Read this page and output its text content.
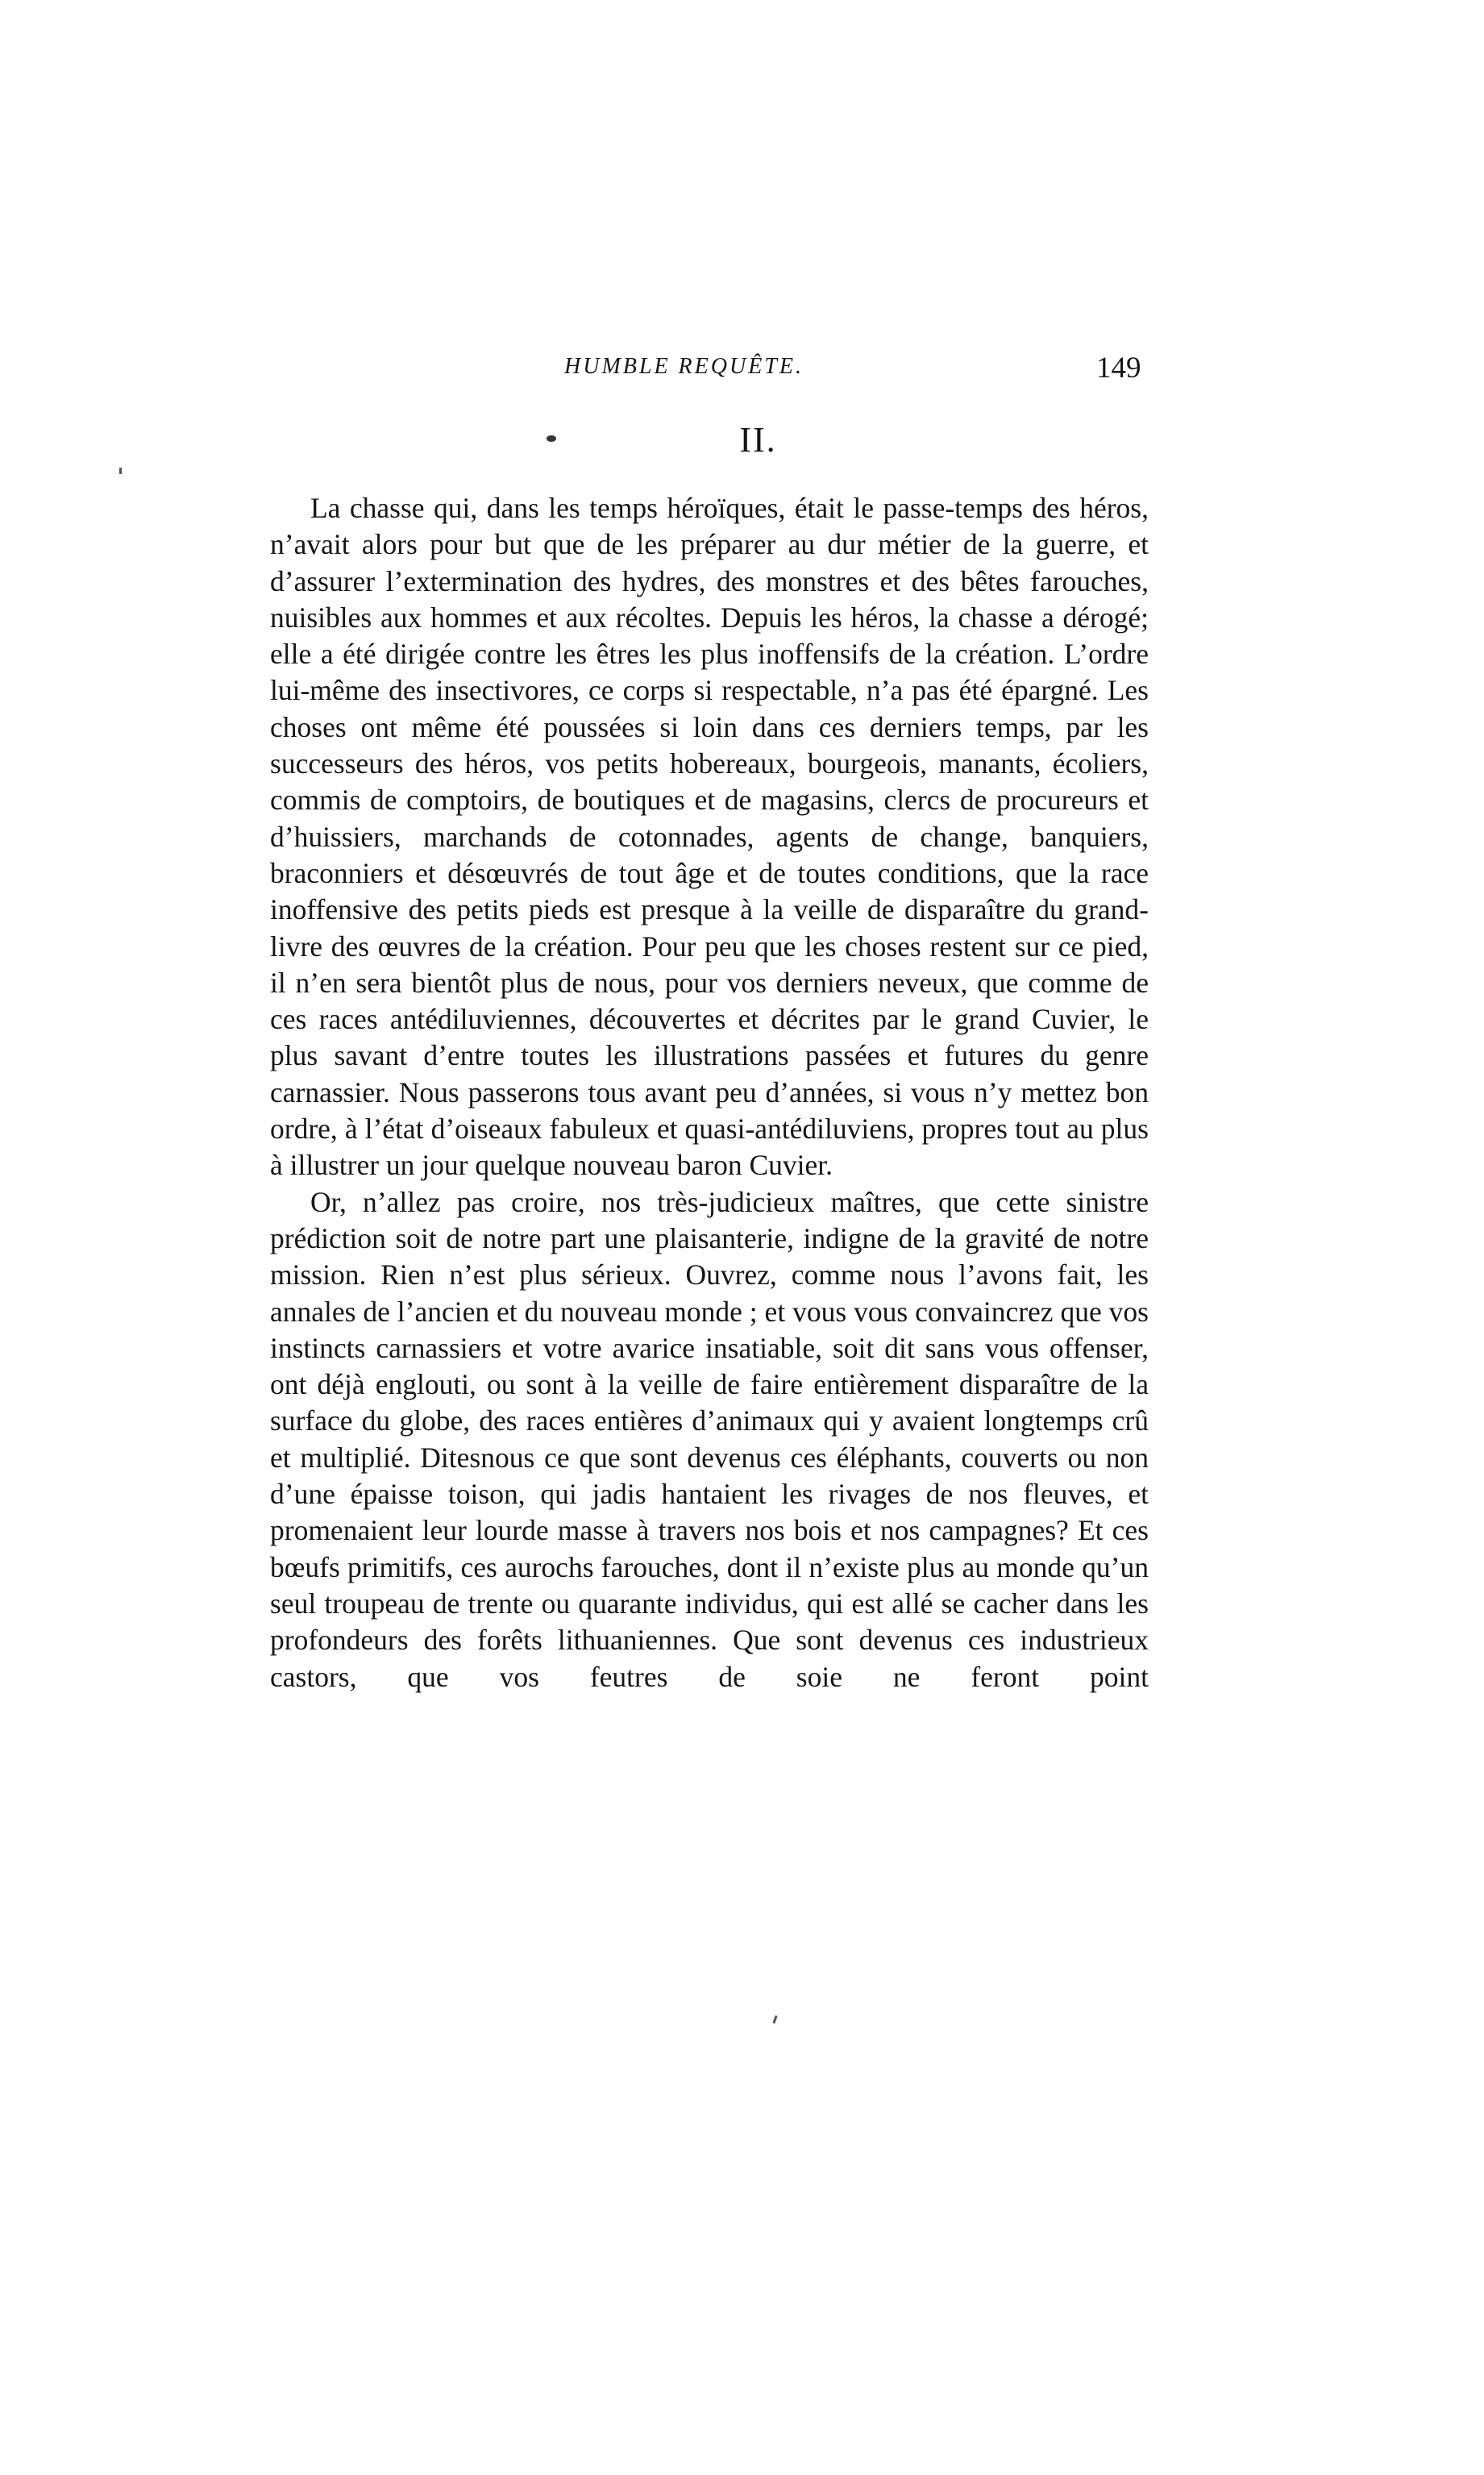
HUMBLE REQUÊTE.	149
II.

La chasse qui, dans les temps héroïques, était le passe-temps des héros, n’avait alors pour but que de les préparer au dur métier de la guerre, et d’assurer l’extermination des hydres, des monstres et des bêtes farouches, nuisibles aux hommes et aux récoltes. Depuis les héros, la chasse a dérogé; elle a été dirigée contre les êtres les plus inoffensifs de la création. L’ordre lui-même des insectivores, ce corps si respectable, n’a pas été épargné. Les choses ont même été poussées si loin dans ces derniers temps, par les successeurs des héros, vos petits hobereaux, bourgeois, manants, écoliers, commis de comptoirs, de boutiques et de magasins, clercs de procureurs et d’huissiers, marchands de cotonnades, agents de change, banquiers, braconniers et désœuvrés de tout âge et de toutes conditions, que la race inoffensive des petits pieds est presque à la veille de disparaître du grand-livre des œuvres de la création. Pour peu que les choses restent sur ce pied, il n’en sera bientôt plus de nous, pour vos derniers neveux, que comme de ces races antédiluviennes, découvertes et décrites par le grand Cuvier, le plus savant d’entre toutes les illustrations passées et futures du genre carnassier. Nous passerons tous avant peu d’années, si vous n’y mettez bon ordre, à l’état d’oiseaux fabuleux et quasi-antédiluviens, propres tout au plus à illustrer un jour quelque nouveau baron Cuvier.

Or, n’allez pas croire, nos très-judicieux maîtres, que cette sinistre prédiction soit de notre part une plaisanterie, indigne de la gravité de notre mission. Rien n’est plus sérieux. Ouvrez, comme nous l’avons fait, les annales de l’ancien et du nouveau monde ; et vous vous convaincrez que vos instincts carnassiers et votre avarice insatiable, soit dit sans vous offenser, ont déjà englouti, ou sont à la veille de faire entièrement disparaître de la surface du globe, des races entières d’animaux qui y avaient longtemps crû et multiplié. Ditesnous ce que sont devenus ces éléphants, couverts ou non d’une épaisse toison, qui jadis hantaient les rivages de nos fleuves, et promenaient leur lourde masse à travers nos bois et nos campagnes? Et ces bœufs primitifs, ces aurochs farouches, dont il n’existe plus au monde qu’un seul troupeau de trente ou quarante individus, qui est allé se cacher dans les profondeurs des forêts lithuaniennes. Que sont devenus ces industrieux castors, que vos feutres de soie ne feront point
